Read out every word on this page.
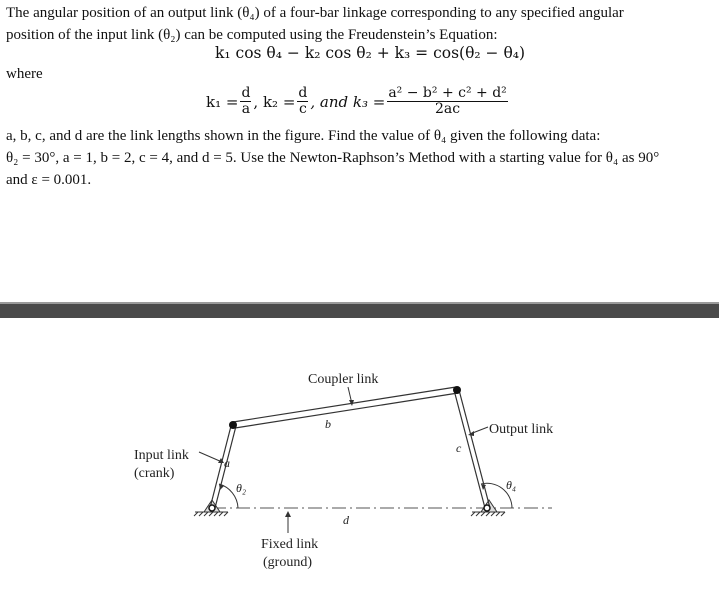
The angular position of an output link (θ₄) of a four-bar linkage corresponding to any specified angular
position of the input link (θ₂) can be computed using the Freudenstein’s Equation:
k₁ cos θ₄ − k₂ cos θ₂ + k₃ = cos(θ₂ − θ₄)
where
$k_1 = \frac{d}{a}$ , $k_2 = \frac{d}{c}$ , and $k_3 = \frac{\text{a² − b² + c² + d²}}{2ac}$
a, b, c, and d are the link lengths shown in the figure. Find the value of θ₄ given the following data:
θ₂ = 30°, a = 1, b = 2, c = 4, and d = 5. Use the Newton-Raphson’s Method with a starting value for θ₄ as 90°
and ε = 0.001.
Coupler link
b	Output link
c
θ₄
Input link
(crank)
a
θ₂
d
Fixed link
(ground)
